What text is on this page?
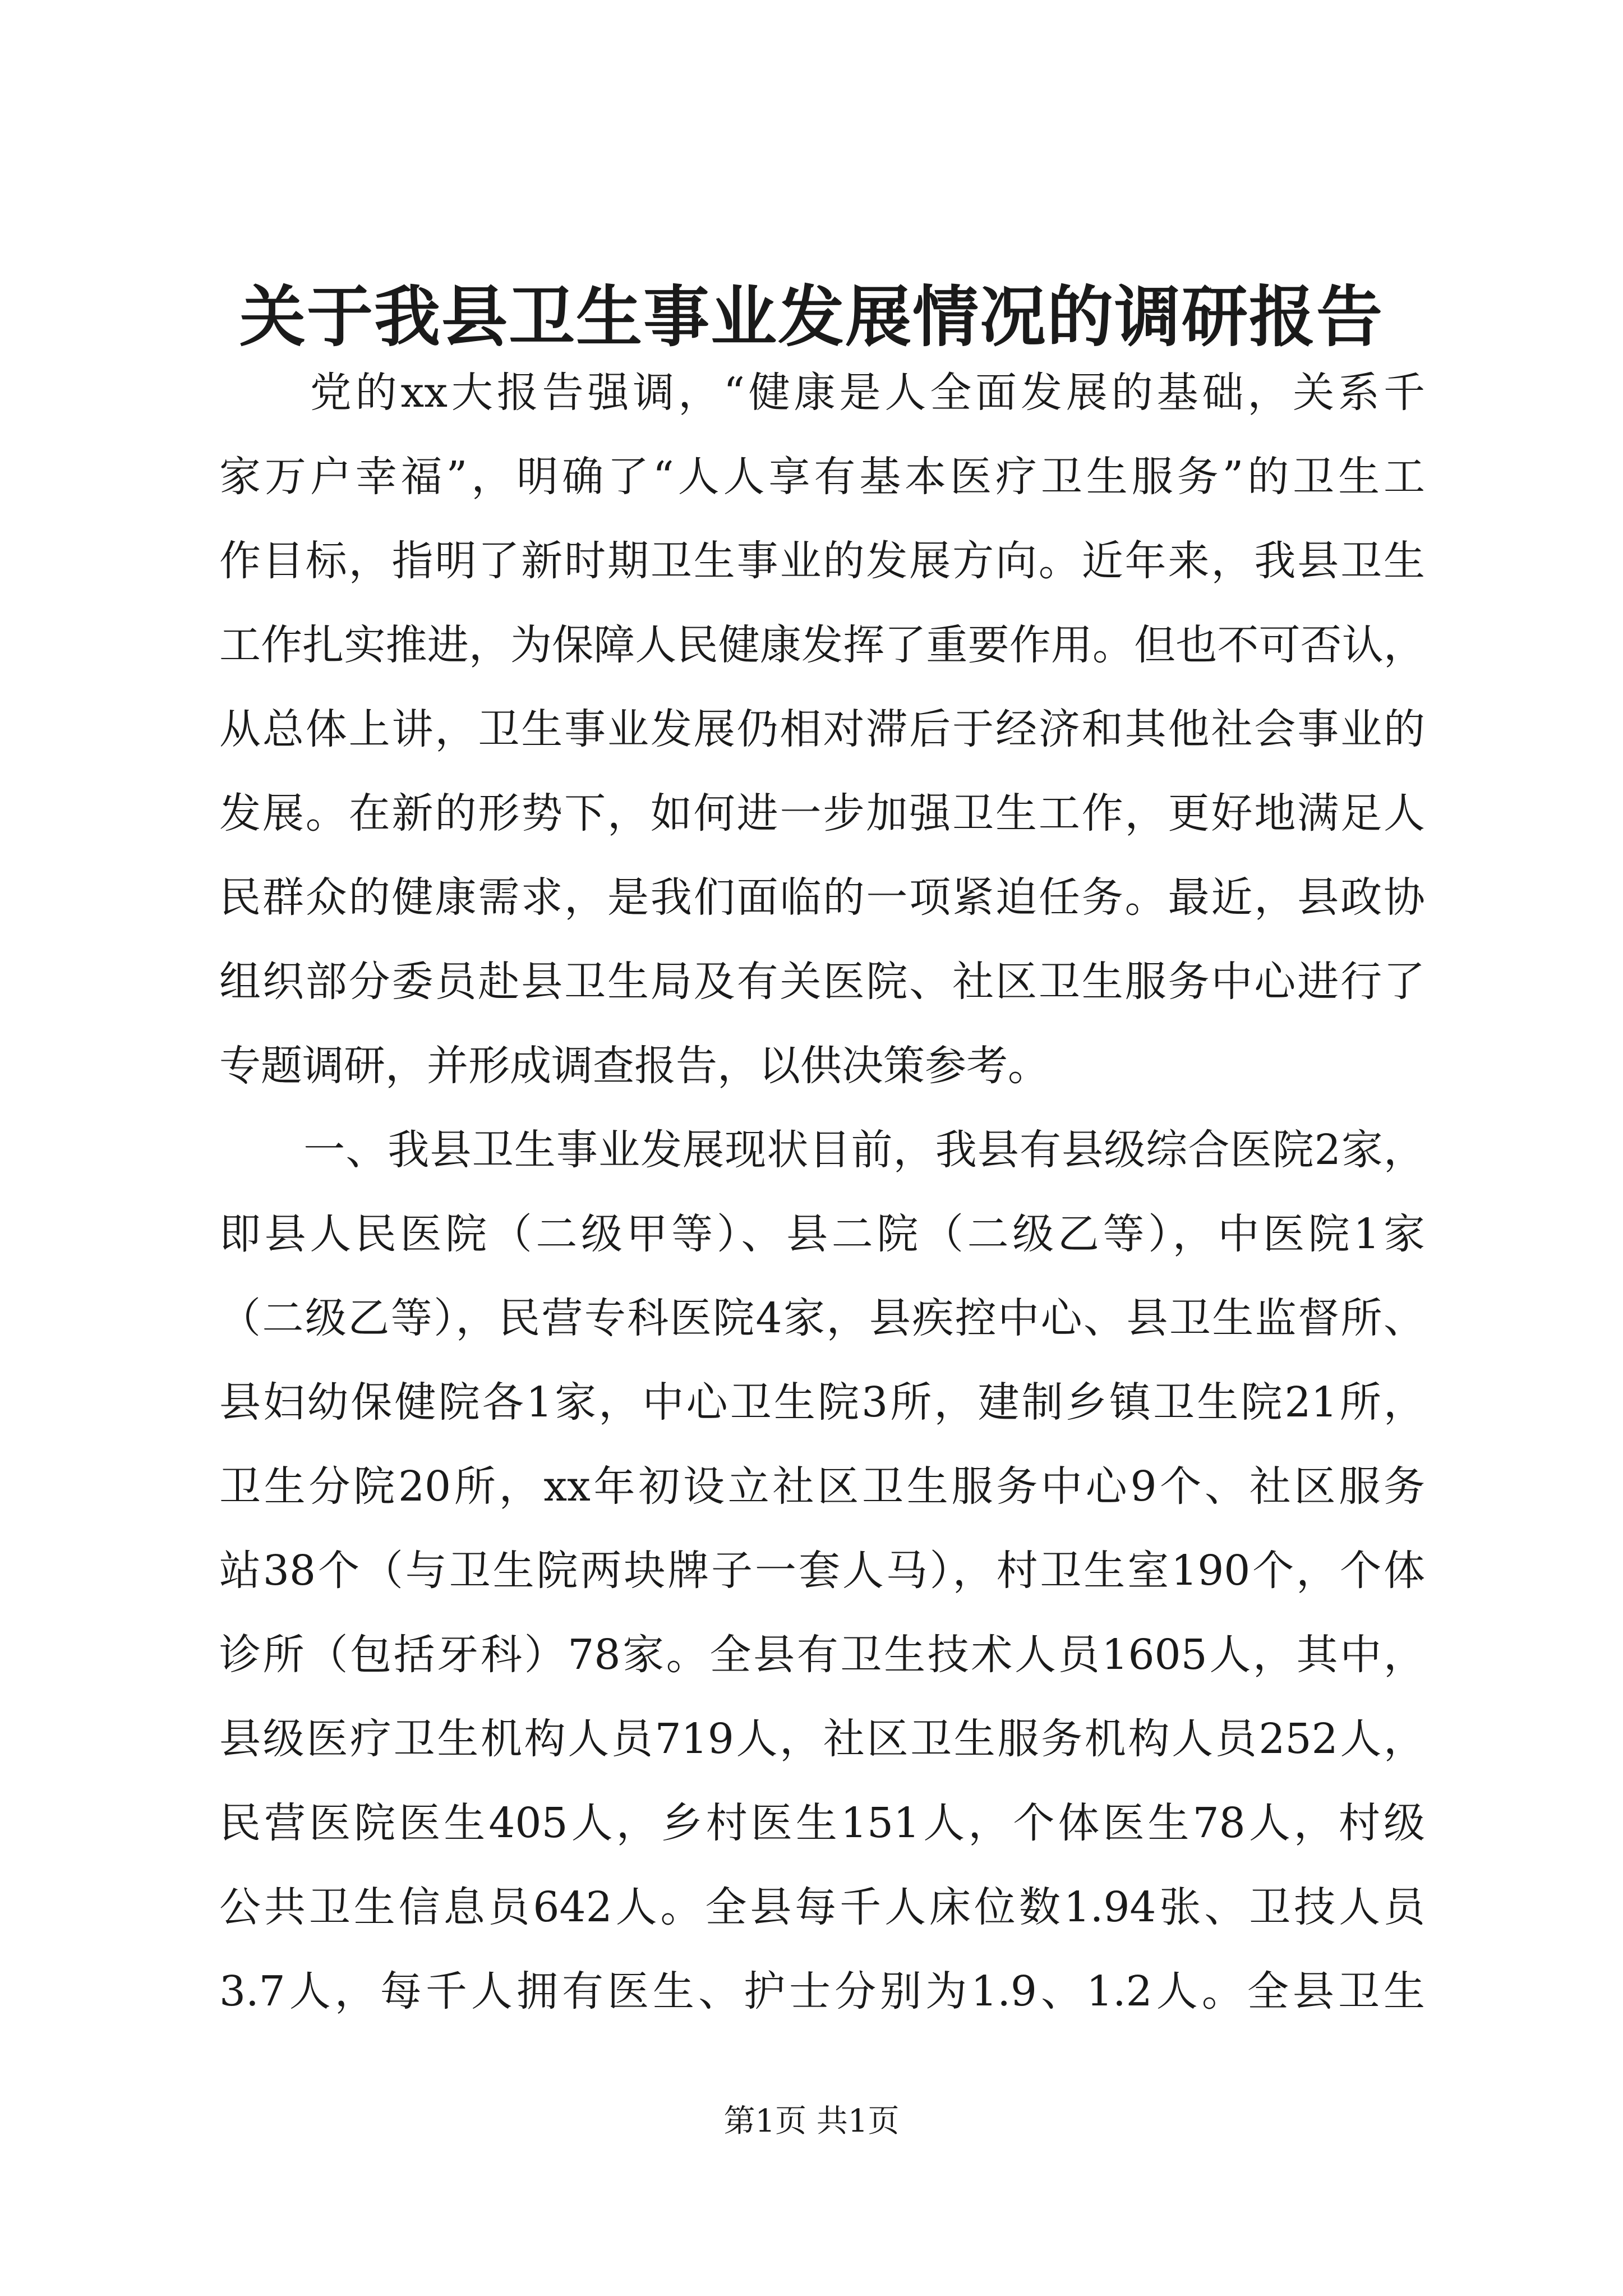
关于我县卫生事业发展情况的调研报告
　　党的xx大报告强调，“健康是人全面发展的基础，关系千
家万户幸福”，明确了“人人享有基本医疗卫生服务”的卫生工
作目标，指明了新时期卫生事业的发展方向。近年来，我县卫生
工作扎实推进，为保障人民健康发挥了重要作用。但也不可否认，
从总体上讲，卫生事业发展仍相对滞后于经济和其他社会事业的
发展。在新的形势下，如何进一步加强卫生工作，更好地满足人
民群众的健康需求，是我们面临的一项紧迫任务。最近，县政协
组织部分委员赴县卫生局及有关医院、社区卫生服务中心进行了
专题调研，并形成调查报告，以供决策参考。
　　一、我县卫生事业发展现状目前，我县有县级综合医院2家，
即县人民医院（二级甲等）、县二院（二级乙等），中医院1家
（二级乙等），民营专科医院4家，县疾控中心、县卫生监督所、
县妇幼保健院各1家，中心卫生院3所，建制乡镇卫生院21所，
卫生分院20所，xx年初设立社区卫生服务中心9个、社区服务
站38个（与卫生院两块牌子一套人马），村卫生室190个，个体
诊所（包括牙科）78家。全县有卫生技术人员1605人，其中，
县级医疗卫生机构人员719人，社区卫生服务机构人员252人，
民营医院医生405人，乡村医生151人，个体医生78人，村级
公共卫生信息员642人。全县每千人床位数1.94张、卫技人员
3.7人，每千人拥有医生、护士分别为1.9、1.2人。全县卫生
第1页 共1页
